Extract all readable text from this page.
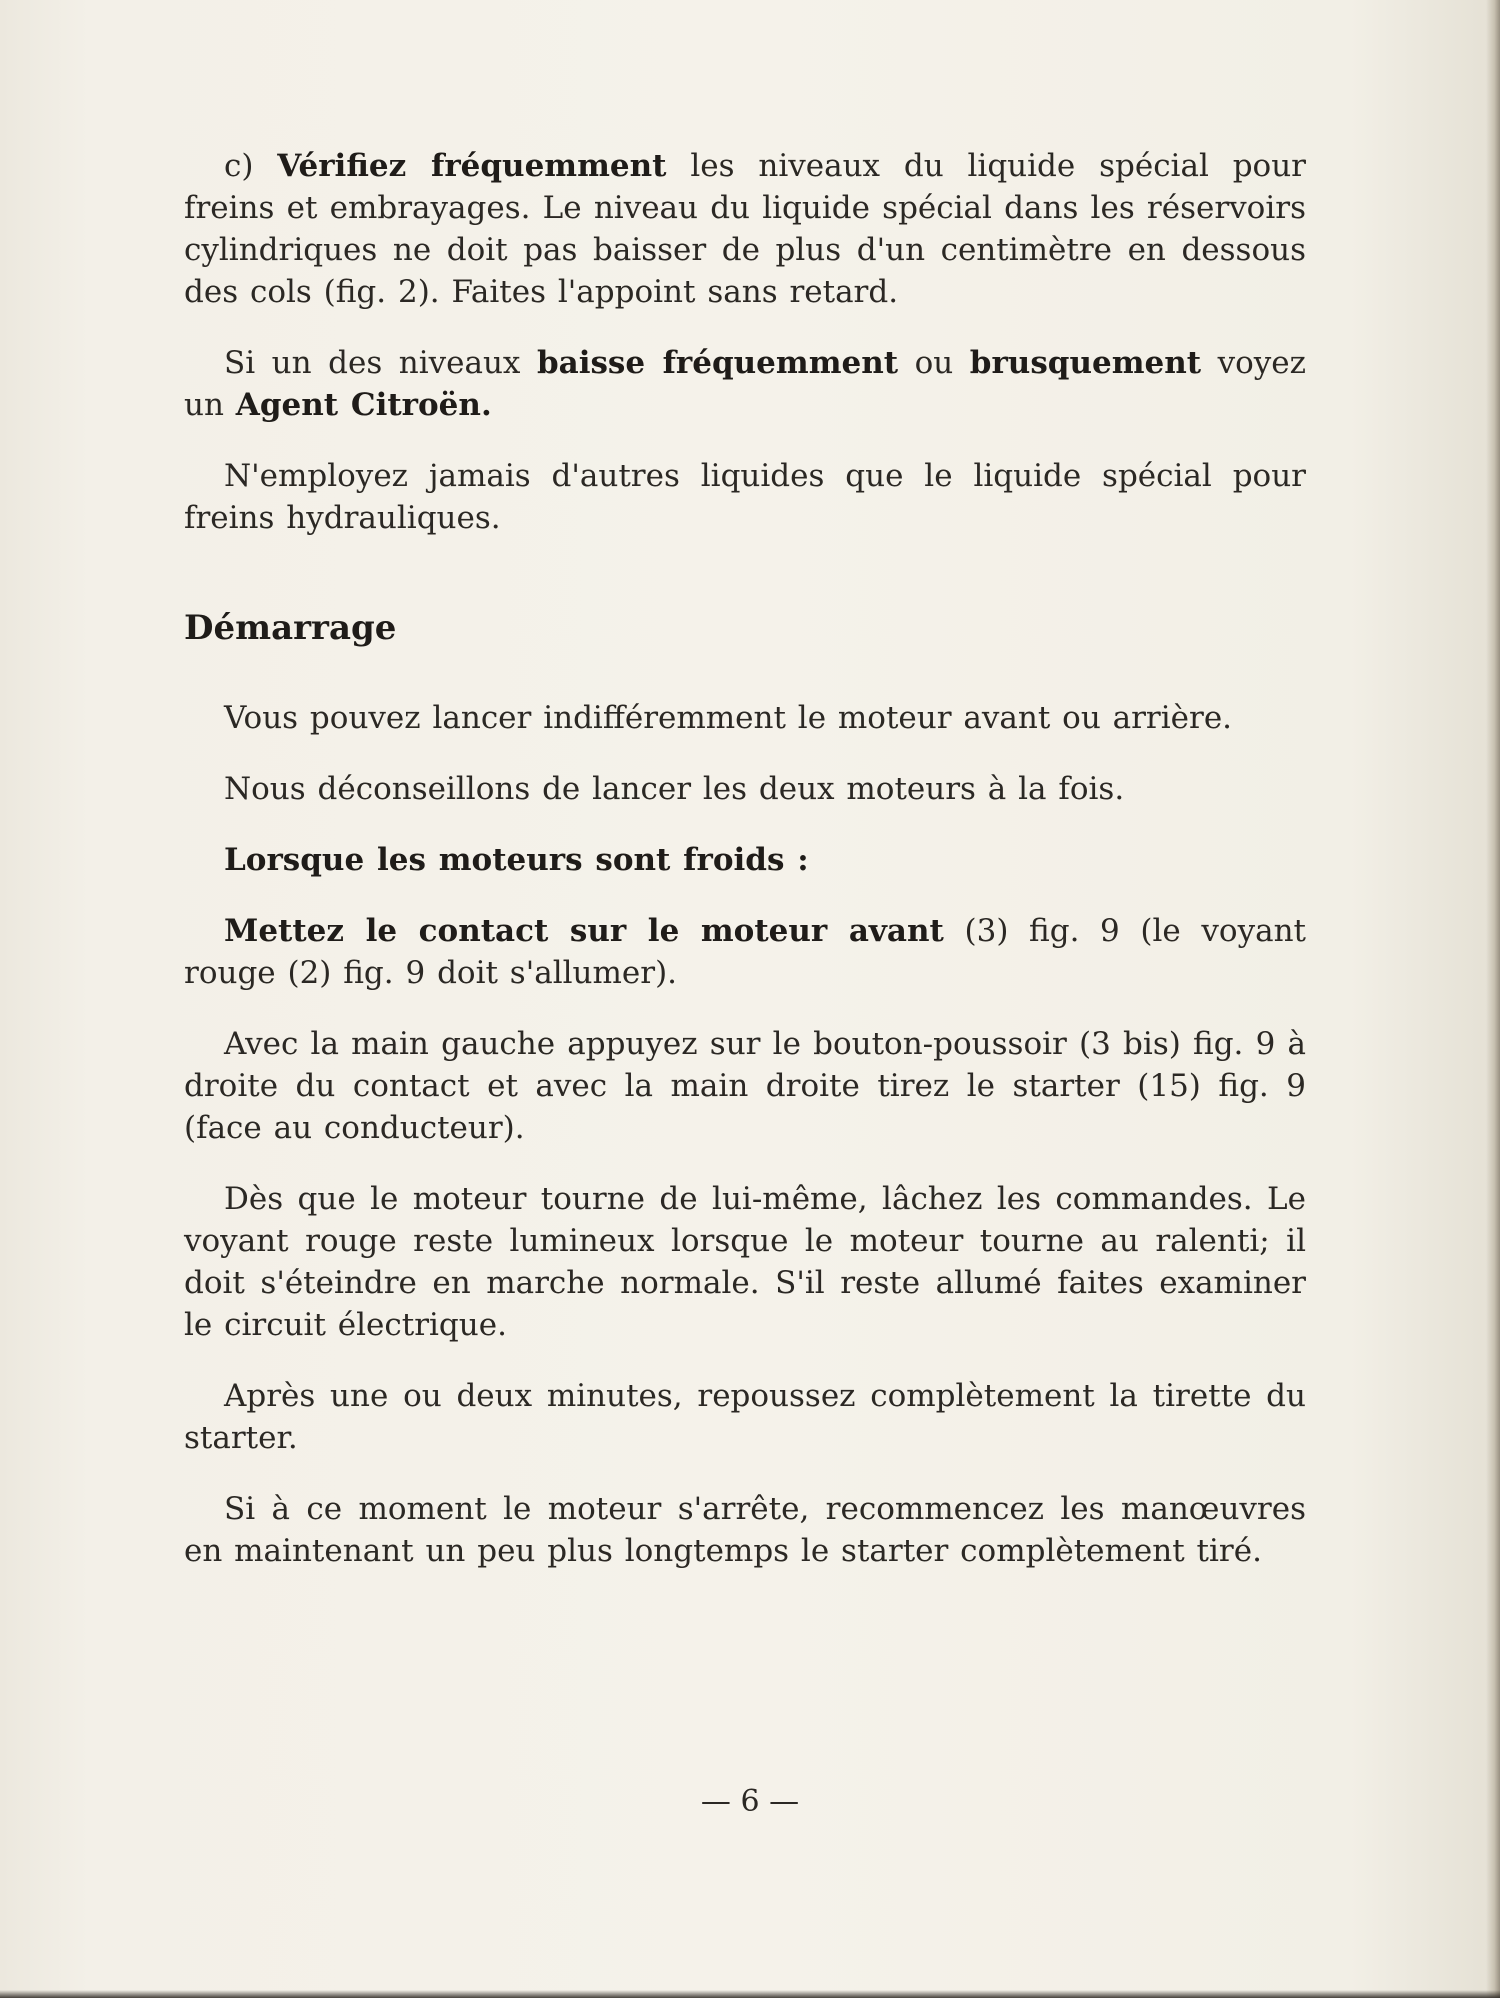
c) Vérifiez fréquemment les niveaux du liquide spécial pour freins et embrayages. Le niveau du liquide spécial dans les réservoirs cylindriques ne doit pas baisser de plus d'un centimètre en dessous des cols (fig. 2). Faites l'appoint sans retard.

Si un des niveaux baisse fréquemment ou brusquement voyez un Agent Citroën.

N'employez jamais d'autres liquides que le liquide spécial pour freins hydrauliques.

Démarrage

Vous pouvez lancer indifféremment le moteur avant ou arrière.

Nous déconseillons de lancer les deux moteurs à la fois.

Lorsque les moteurs sont froids :

Mettez le contact sur le moteur avant (3) fig. 9 (le voyant rouge (2) fig. 9 doit s'allumer).

Avec la main gauche appuyez sur le bouton-poussoir (3 bis) fig. 9 à droite du contact et avec la main droite tirez le starter (15) fig. 9 (face au conducteur).

Dès que le moteur tourne de lui-même, lâchez les commandes. Le voyant rouge reste lumineux lorsque le moteur tourne au ralenti; il doit s'éteindre en marche normale. S'il reste allumé faites examiner le circuit électrique.

Après une ou deux minutes, repoussez complètement la tirette du starter.

Si à ce moment le moteur s'arrête, recommencez les manœuvres en maintenant un peu plus longtemps le starter complètement tiré.

— 6 —
